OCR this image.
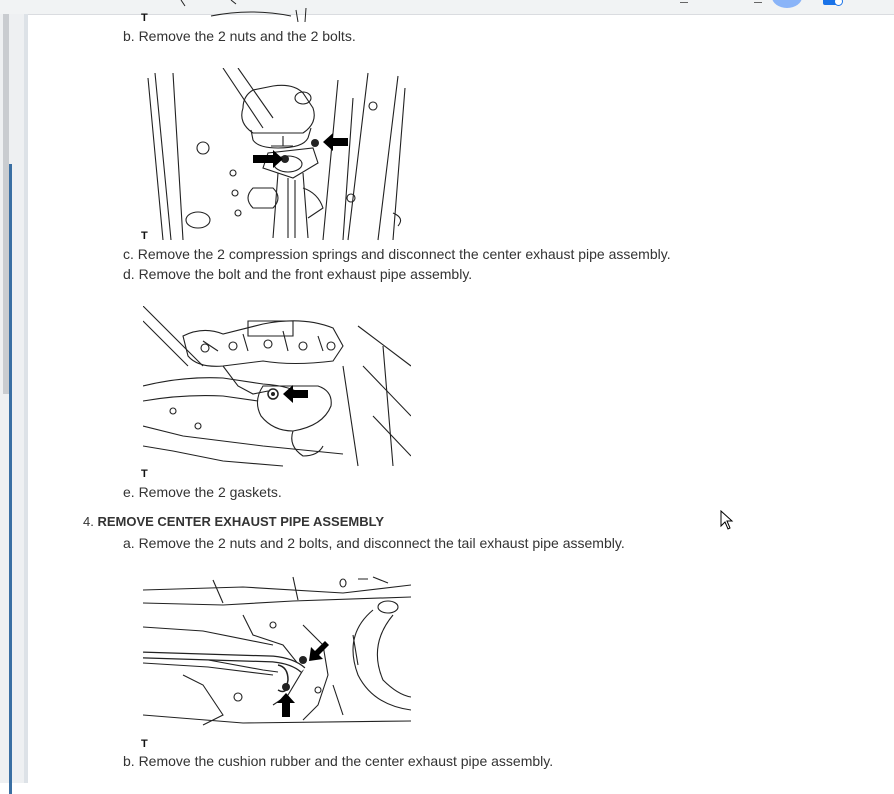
T
b. Remove the 2 nuts and the 2 bolts.
T
c. Remove the 2 compression springs and disconnect the center exhaust pipe assembly.
d. Remove the bolt and the front exhaust pipe assembly.
T
e. Remove the 2 gaskets.
4. REMOVE CENTER EXHAUST PIPE ASSEMBLY
a. Remove the 2 nuts and 2 bolts, and disconnect the tail exhaust pipe assembly.
T
b. Remove the cushion rubber and the center exhaust pipe assembly.
